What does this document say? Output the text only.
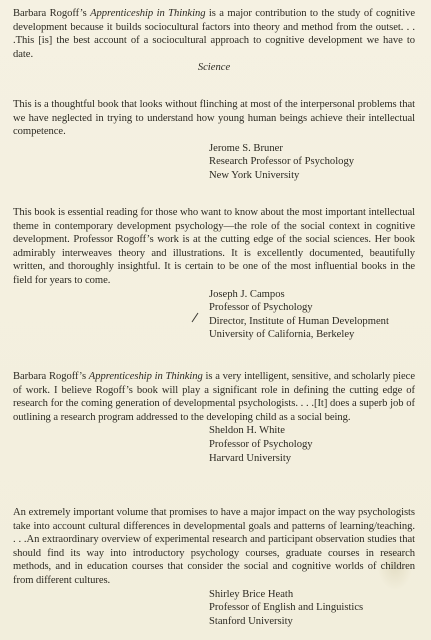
Barbara Rogoff’s Apprenticeship in Thinking is a major contribution to the study of cognitive development because it builds sociocultural factors into theory and method from the outset. . . .This [is] the best account of a sociocultural approach to cognitive development we have to date.

Science

This is a thoughtful book that looks without flinching at most of the interpersonal problems that we have neglected in trying to understand how young human beings achieve their intellectual competence.

Jerome S. Bruner
Research Professor of Psychology
New York University

This book is essential reading for those who want to know about the most important intellectual theme in contemporary development psychology—the role of the social context in cognitive development. Professor Rogoff’s work is at the cutting edge of the social sciences. Her book admirably interweaves theory and illustrations. It is excellently documented, beautifully written, and thoroughly insightful. It is certain to be one of the most influential books in the field for years to come.

Joseph J. Campos
Professor of Psychology
Director, Institute of Human Development
University of California, Berkeley

Barbara Rogoff’s Apprenticeship in Thinking is a very intelligent, sensitive, and scholarly piece of work. I believe Rogoff’s book will play a significant role in defining the cutting edge of research for the coming generation of developmental psychologists. . . .[It] does a superb job of outlining a research program addressed to the developing child as a social being.

Sheldon H. White
Professor of Psychology
Harvard University

An extremely important volume that promises to have a major impact on the way psychologists take into account cultural differences in developmental goals and patterns of learning/teaching. . . .An extraordinary overview of experimental research and participant observation studies that should find its way into introductory psychology courses, graduate courses in research methods, and in education courses that consider the social and cognitive worlds of children from different cultures.

Shirley Brice Heath
Professor of English and Linguistics
Stanford University
